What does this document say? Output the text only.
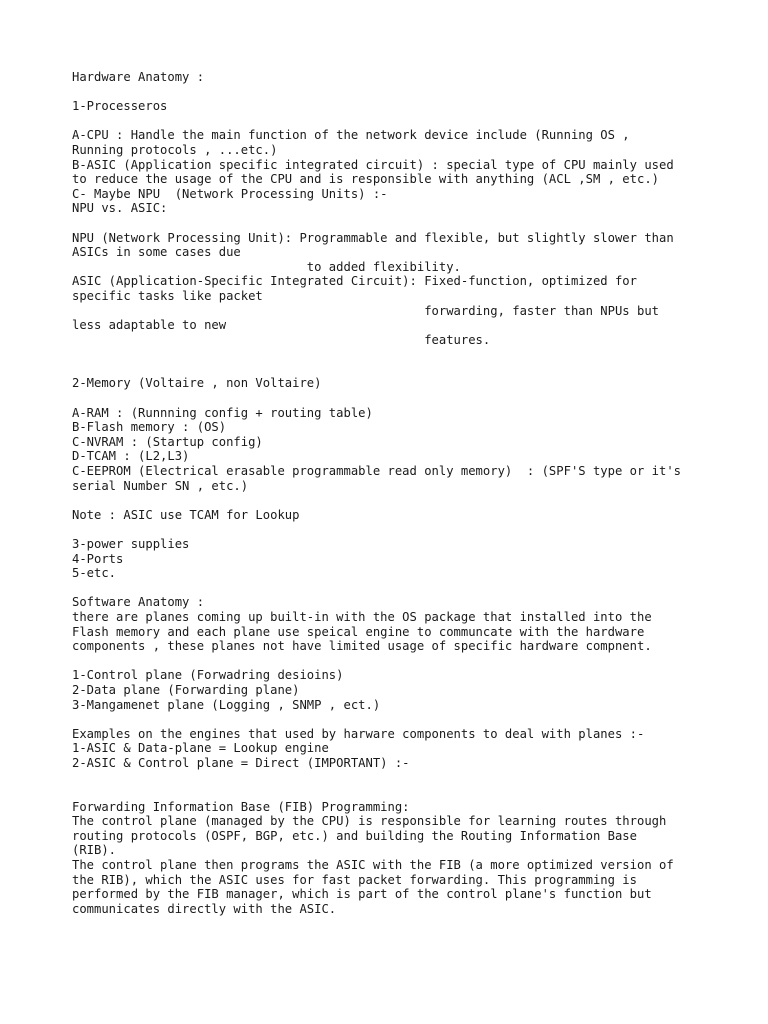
Hardware Anatomy :
1-Processeros
A-CPU : Handle the main function of the network device include (Running OS ,
Running protocols , ...etc.)
B-ASIC (Application specific integrated circuit) : special type of CPU mainly used
to reduce the usage of the CPU and is responsible with anything (ACL ,SM , etc.)
C- Maybe NPU  (Network Processing Units) :-
NPU vs. ASIC:
NPU (Network Processing Unit): Programmable and flexible, but slightly slower than
ASICs in some cases due
to added flexibility.
ASIC (Application-Specific Integrated Circuit): Fixed-function, optimized for
specific tasks like packet
forwarding, faster than NPUs but
less adaptable to new
features.
2-Memory (Voltaire , non Voltaire)
A-RAM : (Runnning config + routing table)
B-Flash memory : (OS)
C-NVRAM : (Startup config)
D-TCAM : (L2,L3)
C-EEPROM (Electrical erasable programmable read only memory)  : (SPF'S type or it's
serial Number SN , etc.)
Note : ASIC use TCAM for Lookup
3-power supplies
4-Ports
5-etc.
Software Anatomy :
there are planes coming up built-in with the OS package that installed into the
Flash memory and each plane use speical engine to communcate with the hardware
components , these planes not have limited usage of specific hardware compnent.
1-Control plane (Forwadring desioins)
2-Data plane (Forwarding plane)
3-Mangamenet plane (Logging , SNMP , ect.)
Examples on the engines that used by harware components to deal with planes :-
1-ASIC & Data-plane = Lookup engine
2-ASIC & Control plane = Direct (IMPORTANT) :-
Forwarding Information Base (FIB) Programming:
The control plane (managed by the CPU) is responsible for learning routes through
routing protocols (OSPF, BGP, etc.) and building the Routing Information Base
(RIB).
The control plane then programs the ASIC with the FIB (a more optimized version of
the RIB), which the ASIC uses for fast packet forwarding. This programming is
performed by the FIB manager, which is part of the control plane's function but
communicates directly with the ASIC.
